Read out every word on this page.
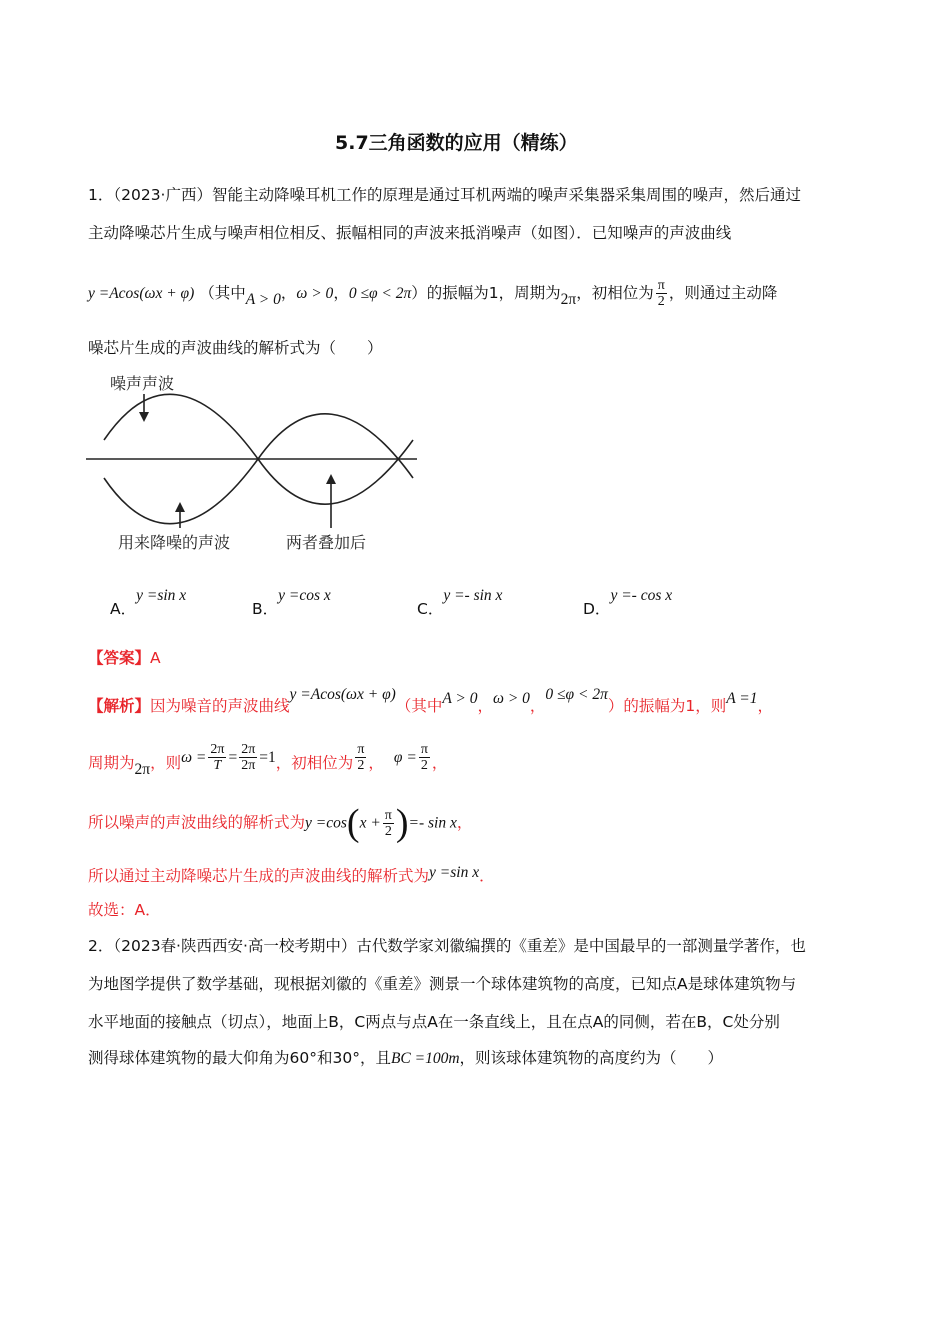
5.7三角函数的应用（精练）
1．（2023·广西）智能主动降噪耳机工作的原理是通过耳机两端的噪声采集器采集周围的噪声，然后通过
主动降噪芯片生成与噪声相位相反、振幅相同的声波来抵消噪声（如图）．已知噪声的声波曲线
y =Acos(ωx + φ) （其中A > 0，ω > 0，0 ≤φ < 2π）的振幅为1，周期为2π，初相位为 $\frac{\pi}{2}$ ，则通过主动降
噪芯片生成的声波曲线的解析式为（　　）
噪声声波
用来降噪的声波	两者叠加后
A．y =sin x
B．y =cos x
C．y =- sin x
D．y =- cos x
【答案】A
【解析】因为噪音的声波曲线y =Acos(ωx + φ)（其中A > 0，ω > 0，0 ≤φ < 2π）的振幅为1，则A =1，
周期为2π，则$\omega = \frac{2\pi}{T} = \frac{2\pi}{2\pi} =1$，初相位为 $\frac{\pi}{2}$ ， $\varphi = \frac{\pi}{2}$ ，
所以噪声的声波曲线的解析式为$y =\cos(x + \frac{\pi}{2}$ )=- sin x，
所以通过主动降噪芯片生成的声波曲线的解析式为y =sin x．
故选：A．
2．（2023春·陕西西安·高一校考期中）古代数学家刘徽编撰的《重差》是中国最早的一部测量学著作，也
为地图学提供了数学基础，现根据刘徽的《重差》测景一个球体建筑物的高度，已知点A是球体建筑物与
水平地面的接触点（切点），地面上B，C两点与点A在一条直线上，且在点A的同侧，若在B，C处分别
测得球体建筑物的最大仰角为60°和30°，且BC =100m，则该球体建筑物的高度约为（　　）
